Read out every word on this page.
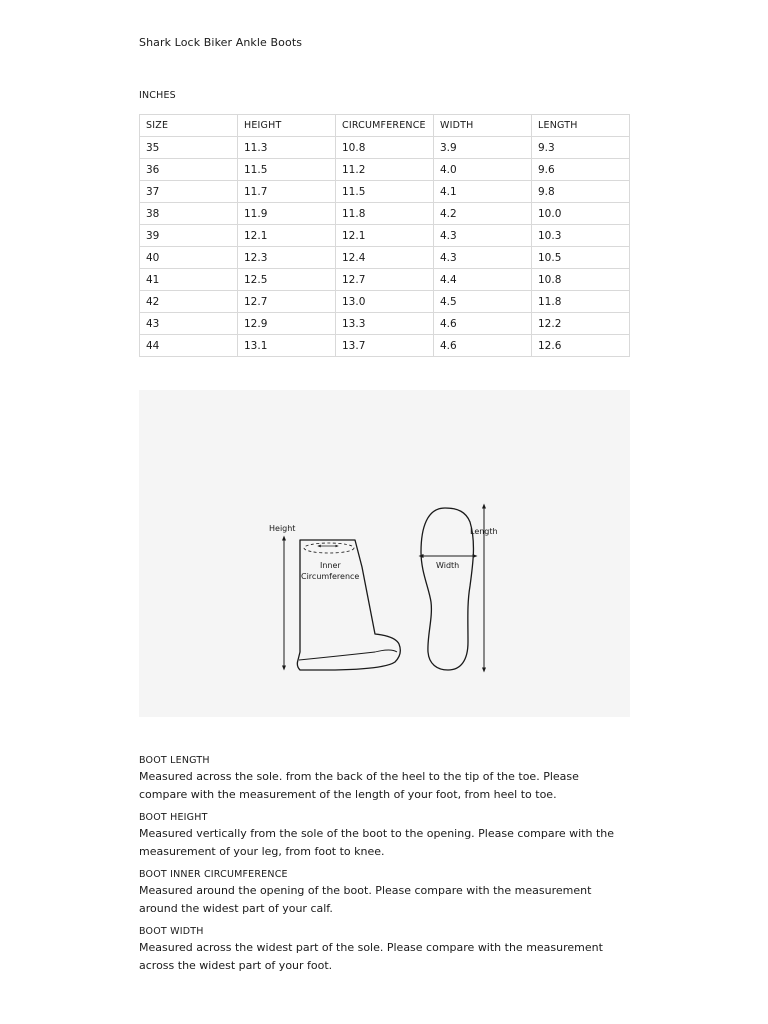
Shark Lock Biker Ankle Boots
INCHES
SIZE	HEIGHT	CIRCUMFERENCE	WIDTH	LENGTH
35	11.3	10.8	3.9	9.3
36	11.5	11.2	4.0	9.6
37	11.7	11.5	4.1	9.8
38	11.9	11.8	4.2	10.0
39	12.1	12.1	4.3	10.3
40	12.3	12.4	4.3	10.5
41	12.5	12.7	4.4	10.8
42	12.7	13.0	4.5	11.8
43	12.9	13.3	4.6	12.2
44	13.1	13.7	4.6	12.6
Height
Inner
Circumference
Width
Length
BOOT LENGTH
Measured across the sole. from the back of the heel to the tip of the toe. Please compare with the measurement of the length of your foot, from heel to toe.
BOOT HEIGHT
Measured vertically from the sole of the boot to the opening. Please compare with the measurement of your leg, from foot to knee.
BOOT INNER CIRCUMFERENCE
Measured around the opening of the boot. Please compare with the measurement around the widest part of your calf.
BOOT WIDTH
Measured across the widest part of the sole. Please compare with the measurement across the widest part of your foot.
